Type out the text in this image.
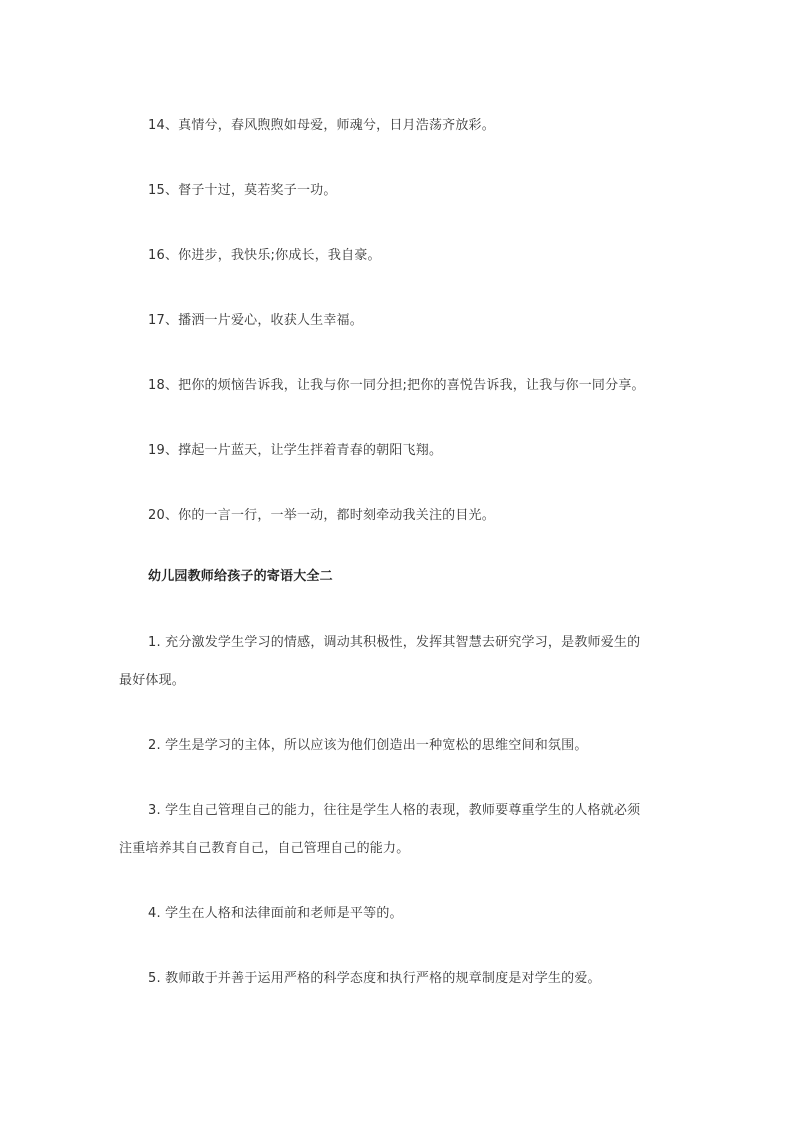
14、真情兮，春风煦煦如母爱，师魂兮，日月浩荡齐放彩。
15、督子十过，莫若奖子一功。
16、你进步，我快乐;你成长，我自豪。
17、播洒一片爱心，收获人生幸福。
18、把你的烦恼告诉我，让我与你一同分担;把你的喜悦告诉我，让我与你一同分享。
19、撑起一片蓝天，让学生拌着青春的朝阳飞翔。
20、你的一言一行，一举一动，都时刻牵动我关注的目光。
幼儿园教师给孩子的寄语大全二
1. 充分激发学生学习的情感，调动其积极性，发挥其智慧去研究学习，是教师爱生的
最好体现。
2. 学生是学习的主体，所以应该为他们创造出一种宽松的思维空间和氛围。
3. 学生自己管理自己的能力，往往是学生人格的表现，教师要尊重学生的人格就必须
注重培养其自己教育自己，自己管理自己的能力。
4. 学生在人格和法律面前和老师是平等的。
5. 教师敢于并善于运用严格的科学态度和执行严格的规章制度是对学生的爱。
